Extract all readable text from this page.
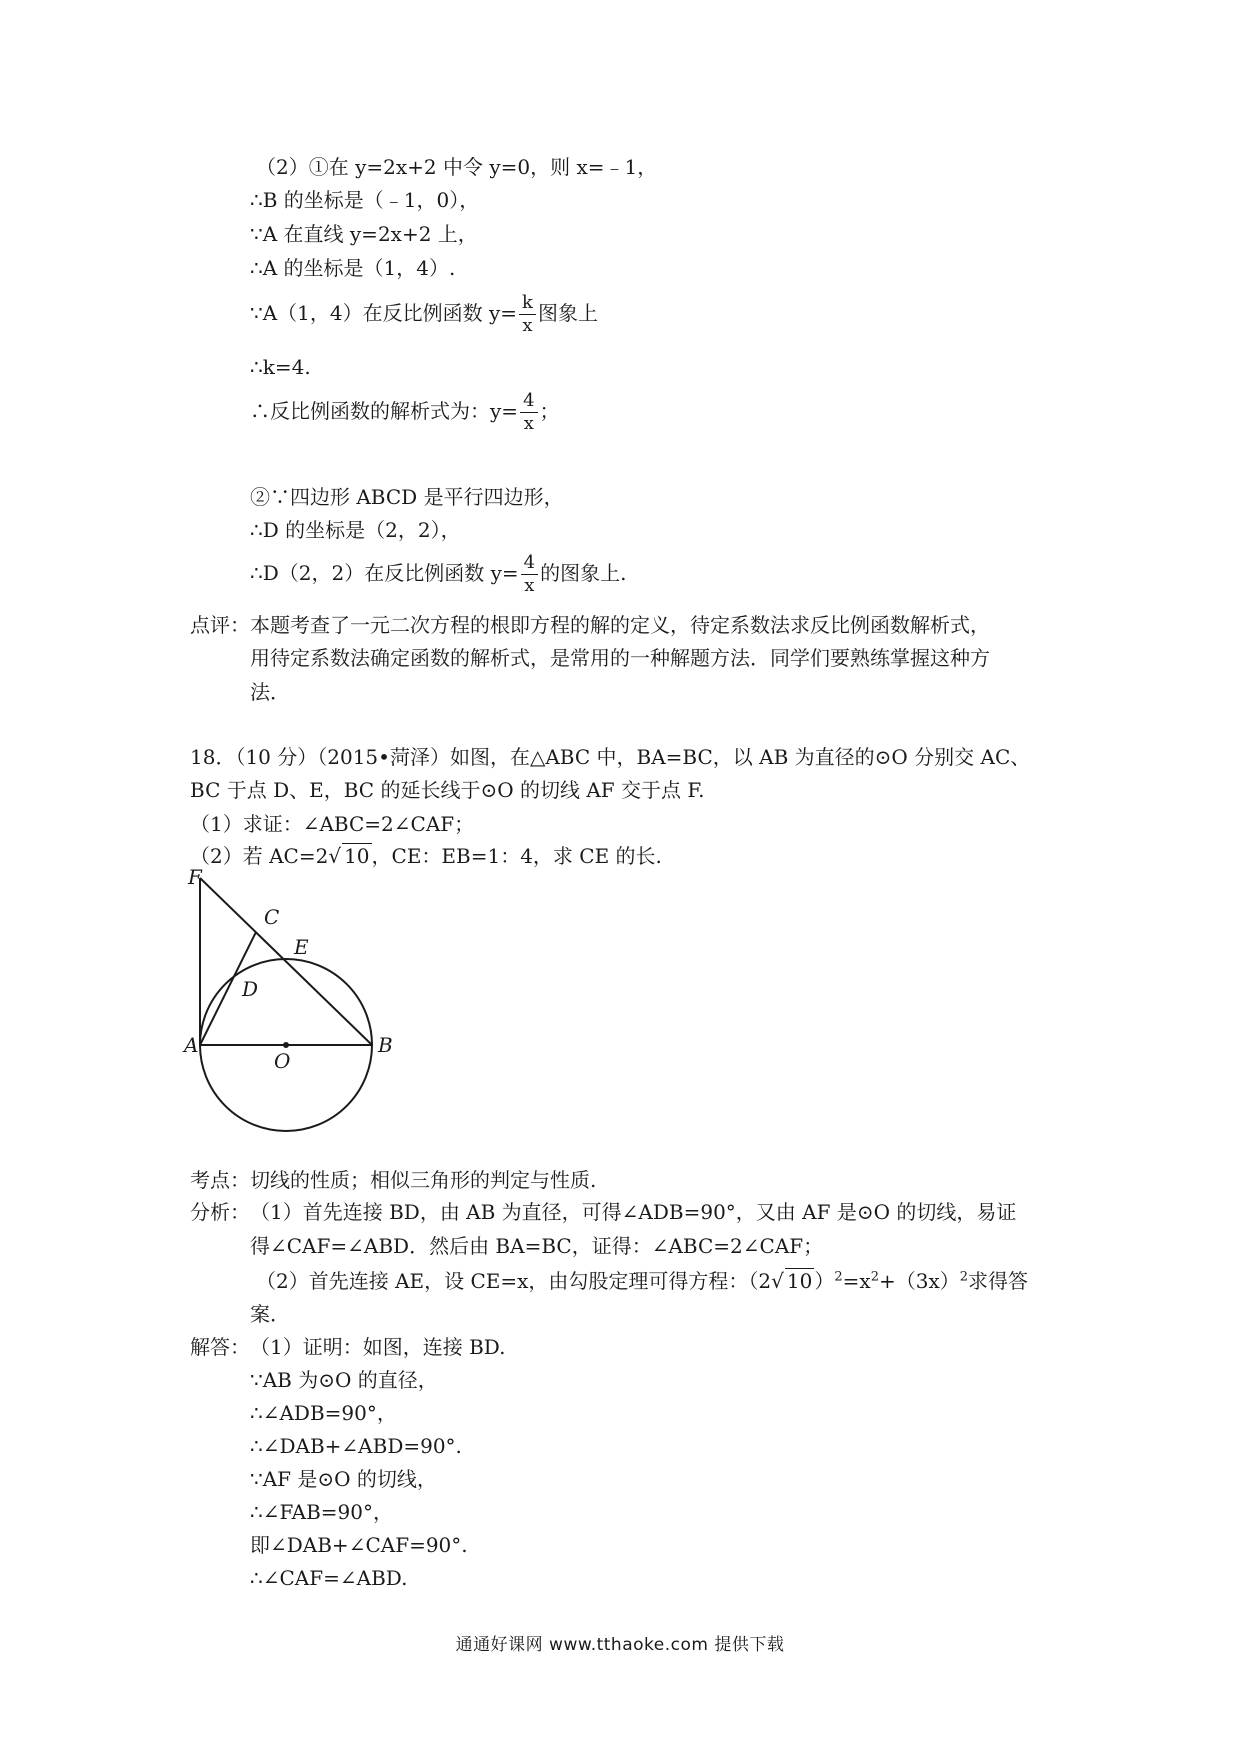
（2）①在 y=2x+2 中令 y=0，则 x=﹣1，
∴B 的坐标是（﹣1，0），
∵A 在直线 y=2x+2 上，
∴A 的坐标是（1，4）.
∵A（1，4）在反比例函数 $y= \frac{k}{x}$ 图象上
∴k=4.
∴反比例函数的解析式为：$y= \frac{4}{x}$ ；
②∵四边形 ABCD 是平行四边形，
∴D 的坐标是（2，2），
∴D（2，2）在反比例函数 $y= \frac{4}{x}$ 的图象上.
点评： 本题考查了一元二次方程的根即方程的解的定义，待定系数法求反比例函数解析式，
用待定系数法确定函数的解析式，是常用的一种解题方法．同学们要熟练掌握这种方
法．
18．（10 分）（2015•菏泽）如图，在△ABC 中，BA=BC，以 AB 为直径的⊙O 分别交 AC、
BC 于点 D、E，BC 的延长线于⊙O 的切线 AF 交于点 F.
（1）求证：∠ABC=2∠CAF；
（2）若 AC=2√ 10 ，CE：EB=1：4，求 CE 的长.
F
C
E
D
A
O
B
考点： 切线的性质；相似三角形的判定与性质.
分析： （1）首先连接 BD，由 AB 为直径，可得∠ADB=90°，又由 AF 是⊙O 的切线，易证
得∠CAF=∠ABD．然后由 BA=BC，证得：∠ABC=2∠CAF；
（2）首先连接 AE，设 CE=x，由勾股定理可得方程：（2√ 10 ）$^2=x^2+(3x)^2$求得答
案．
解答： （1）证明：如图，连接 BD.
∵AB 为⊙O 的直径，
∴∠ADB=90°，
∴∠DAB+∠ABD=90°.
∵AF 是⊙O 的切线，
∴∠FAB=90°，
即∠DAB+∠CAF=90°.
∴∠CAF=∠ABD.
通通好课网 www.tthaoke.com 提供下载
